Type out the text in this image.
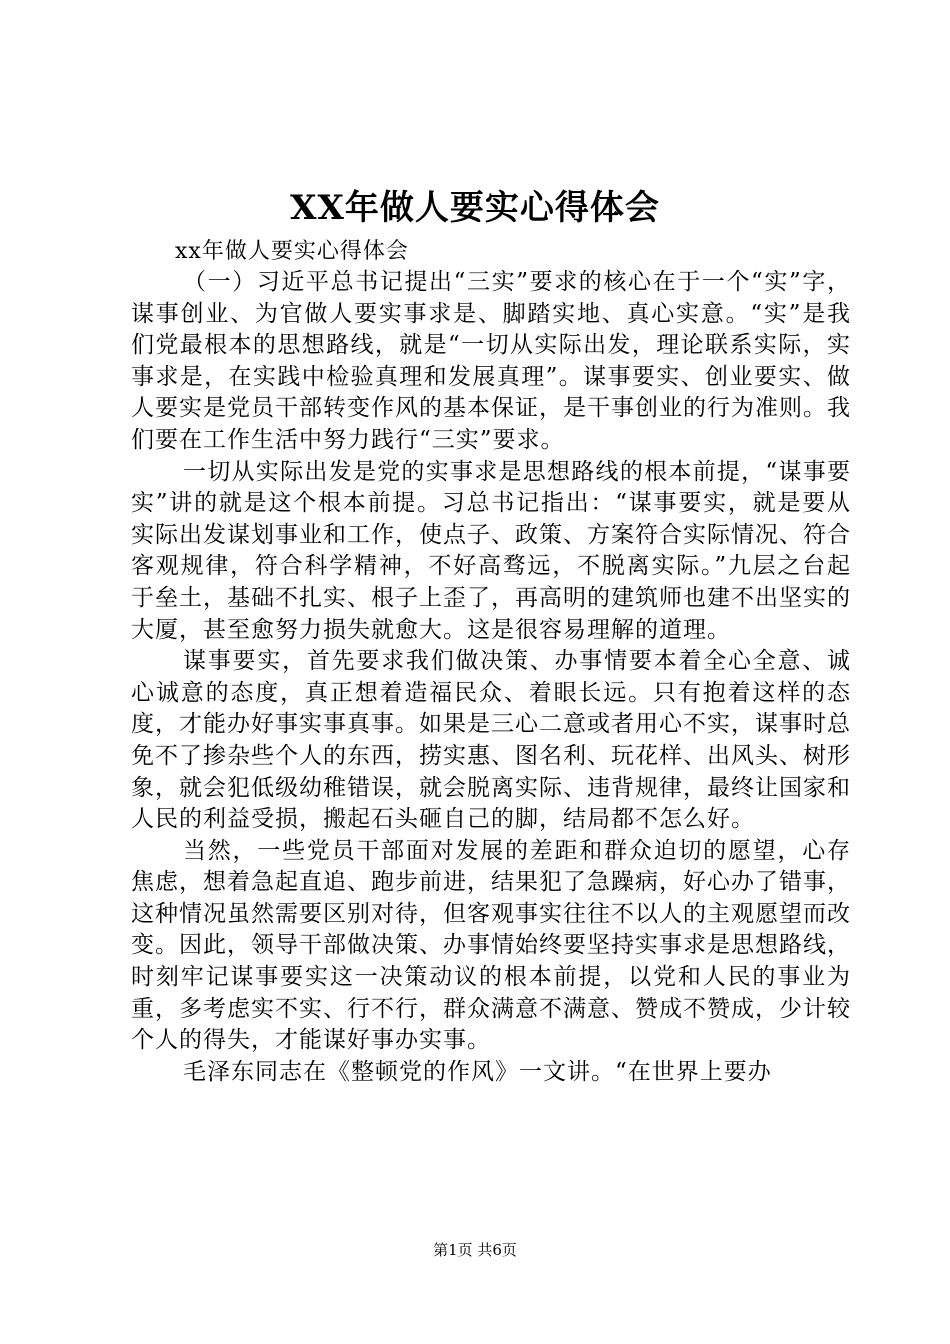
XX年做人要实心得体会

xx年做人要实心得体会

（一）习近平总书记提出“三实”要求的核心在于一个“实”字，谋事创业、为官做人要实事求是、脚踏实地、真心实意。“实”是我们党最根本的思想路线，就是“一切从实际出发，理论联系实际，实事求是，在实践中检验真理和发展真理”。谋事要实、创业要实、做人要实是党员干部转变作风的基本保证，是干事创业的行为准则。我们要在工作生活中努力践行“三实”要求。

一切从实际出发是党的实事求是思想路线的根本前提，“谋事要实”讲的就是这个根本前提。习总书记指出：“谋事要实，就是要从实际出发谋划事业和工作，使点子、政策、方案符合实际情况、符合客观规律，符合科学精神，不好高骛远，不脱离实际。”九层之台起于垒土，基础不扎实、根子上歪了，再高明的建筑师也建不出坚实的大厦，甚至愈努力损失就愈大。这是很容易理解的道理。

谋事要实，首先要求我们做决策、办事情要本着全心全意、诚心诚意的态度，真正想着造福民众、着眼长远。只有抱着这样的态度，才能办好事实事真事。如果是三心二意或者用心不实，谋事时总免不了掺杂些个人的东西，捞实惠、图名利、玩花样、出风头、树形象，就会犯低级幼稚错误，就会脱离实际、违背规律，最终让国家和人民的利益受损，搬起石头砸自己的脚，结局都不怎么好。

当然，一些党员干部面对发展的差距和群众迫切的愿望，心存焦虑，想着急起直追、跑步前进，结果犯了急躁病，好心办了错事，这种情况虽然需要区别对待，但客观事实往往不以人的主观愿望而改变。因此，领导干部做决策、办事情始终要坚持实事求是思想路线，时刻牢记谋事要实这一决策动议的根本前提，以党和人民的事业为重，多考虑实不实、行不行，群众满意不满意、赞成不赞成，少计较个人的得失，才能谋好事办实事。

毛泽东同志在《整顿党的作风》一文讲。“在世界上要办

第1页 共6页
